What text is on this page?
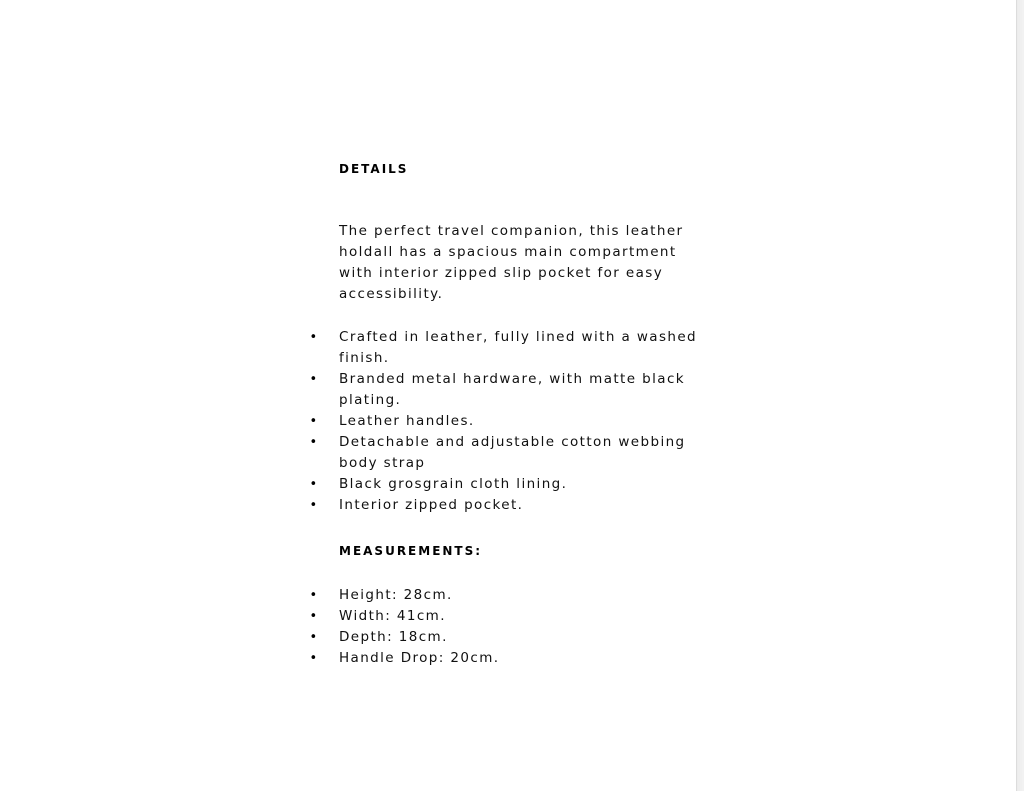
DETAILS

The perfect travel companion, this leather holdall has a spacious main compartment with interior zipped slip pocket for easy accessibility.

• Crafted in leather, fully lined with a washed finish.
• Branded metal hardware, with matte black plating.
• Leather handles.
• Detachable and adjustable cotton webbing body strap
• Black grosgrain cloth lining.
• Interior zipped pocket.
MEASUREMENTS:
• Height: 28cm.
• Width: 41cm.
• Depth: 18cm.
• Handle Drop: 20cm.
